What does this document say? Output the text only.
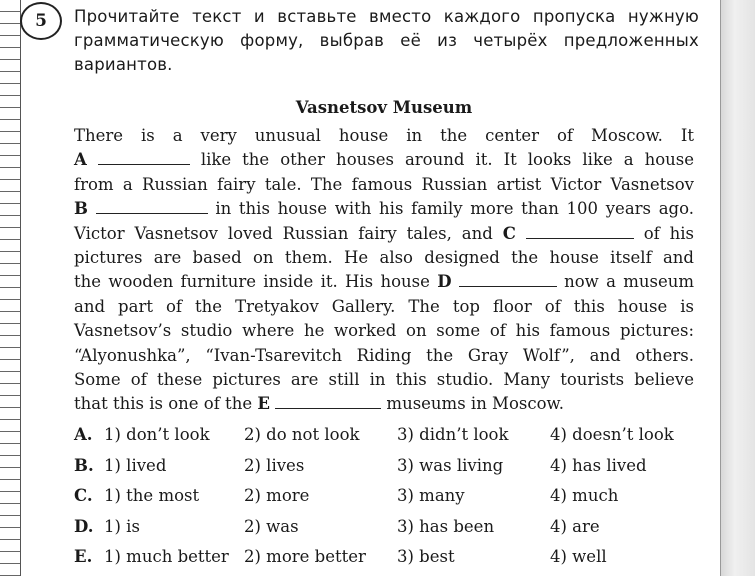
5	Прочитайте текст и вставьте вместо каждого пропуска нужную грамматическую форму, выбрав её из четырёх предложенных вариантов.
Vasnetsov Museum
There is a very unusual house in the center of Moscow. It
A	like the other houses around it. It looks like a house
from a Russian fairy tale. The famous Russian artist Victor Vasnetsov
B	in this house with his family more than 100 years ago.
Victor Vasnetsov loved Russian fairy tales, and C	of his
pictures are based on them. He also designed the house itself and
the wooden furniture inside it. His house D	now a museum
and part of the Tretyakov Gallery. The top floor of this house is
Vasnetsov’s studio where he worked on some of his famous pictures:
“Alyonushka”, “Ivan-Tsarevitch Riding the Gray Wolf”, and others.
Some of these pictures are still in this studio. Many tourists believe
that this is one of the E	museums in Moscow.
A. 1) don’t look 2) do not look 3) didn’t look	4) doesn’t look
B. 1) lived	2) lives	3) was living	4) has lived
C. 1) the most	2) more	3) many	4) much
D. 1) is	2) was	3) has been	4) are
E. 1) much better 2) more better 3) best	4) well
